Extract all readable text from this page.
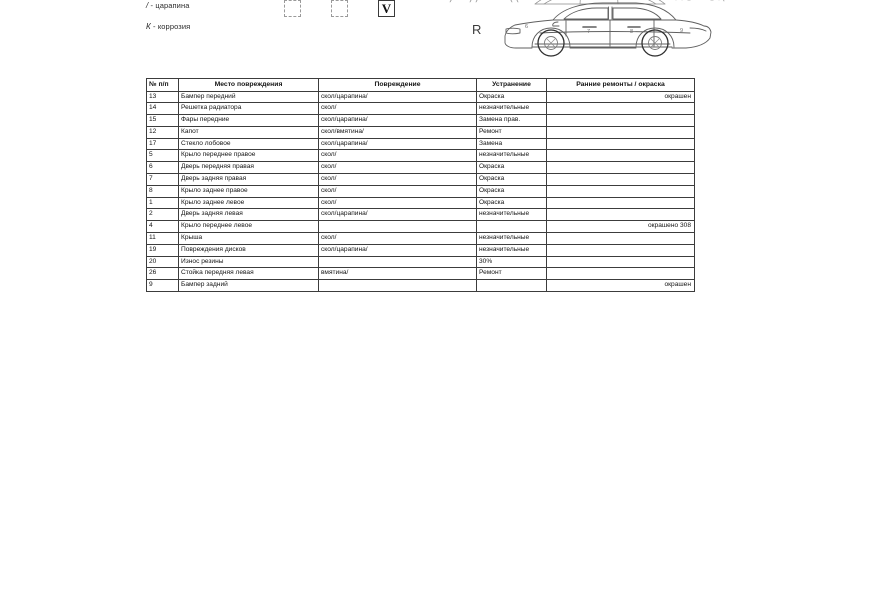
/ - царапина
К - коррозия
V
6
7	8	9
R
№ п/п	Место повреждения	Повреждение	Устранение	Ранние ремонты / окраска
13	Бампер передний	скол/царапина/	Окраска	окрашен
14	Решетка радиатора	скол/	незначительные	
15	Фары передние	скол/царапина/	Замена прав.	
12	Капот	скол/вмятина/	Ремонт	
17	Стекло лобовое	скол/царапина/	Замена	
5	Крыло переднее правое	скол/	незначительные	
6	Дверь передняя правая	скол/	Окраска	
7	Дверь задняя правая	скол/	Окраска	
8	Крыло заднее правое	скол/	Окраска	
1	Крыло заднее левое	скол/	Окраска	
2	Дверь задняя левая	скол/царапина/	незначительные	
4	Крыло переднее левое			окрашено 308
11	Крыша	скол/	незначительные	
19	Повреждения дисков	скол/царапина/	незначительные	
20	Износ резины		30%	
26	Стойка передняя левая	вмятина/	Ремонт	
9	Бампер задний			окрашен
